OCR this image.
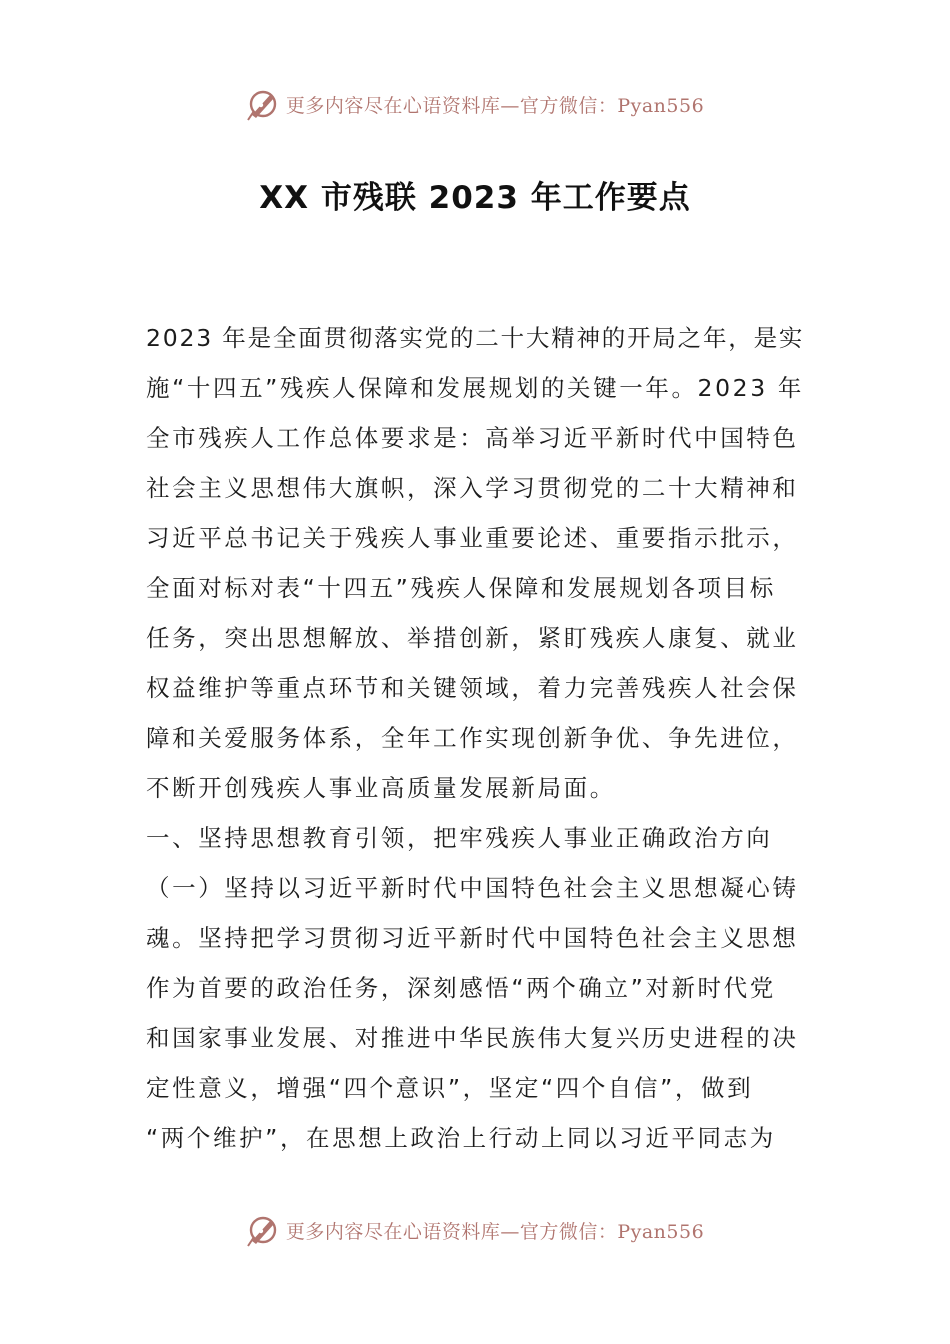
更多内容尽在心语资料库—官方微信：Pyan556
XX 市残联 2023 年工作要点
2023 年是全面贯彻落实党的二十大精神的开局之年，是实
施“十四五”残疾人保障和发展规划的关键一年。2023 年
全市残疾人工作总体要求是：高举习近平新时代中国特色
社会主义思想伟大旗帜，深入学习贯彻党的二十大精神和
习近平总书记关于残疾人事业重要论述、重要指示批示，
全面对标对表“十四五”残疾人保障和发展规划各项目标
任务，突出思想解放、举措创新，紧盯残疾人康复、就业
权益维护等重点环节和关键领域，着力完善残疾人社会保
障和关爱服务体系，全年工作实现创新争优、争先进位，
不断开创残疾人事业高质量发展新局面。
一、坚持思想教育引领，把牢残疾人事业正确政治方向
（一）坚持以习近平新时代中国特色社会主义思想凝心铸
魂。坚持把学习贯彻习近平新时代中国特色社会主义思想
作为首要的政治任务，深刻感悟“两个确立”对新时代党
和国家事业发展、对推进中华民族伟大复兴历史进程的决
定性意义，增强“四个意识”，坚定“四个自信”，做到
“两个维护”，在思想上政治上行动上同以习近平同志为
更多内容尽在心语资料库—官方微信：Pyan556
